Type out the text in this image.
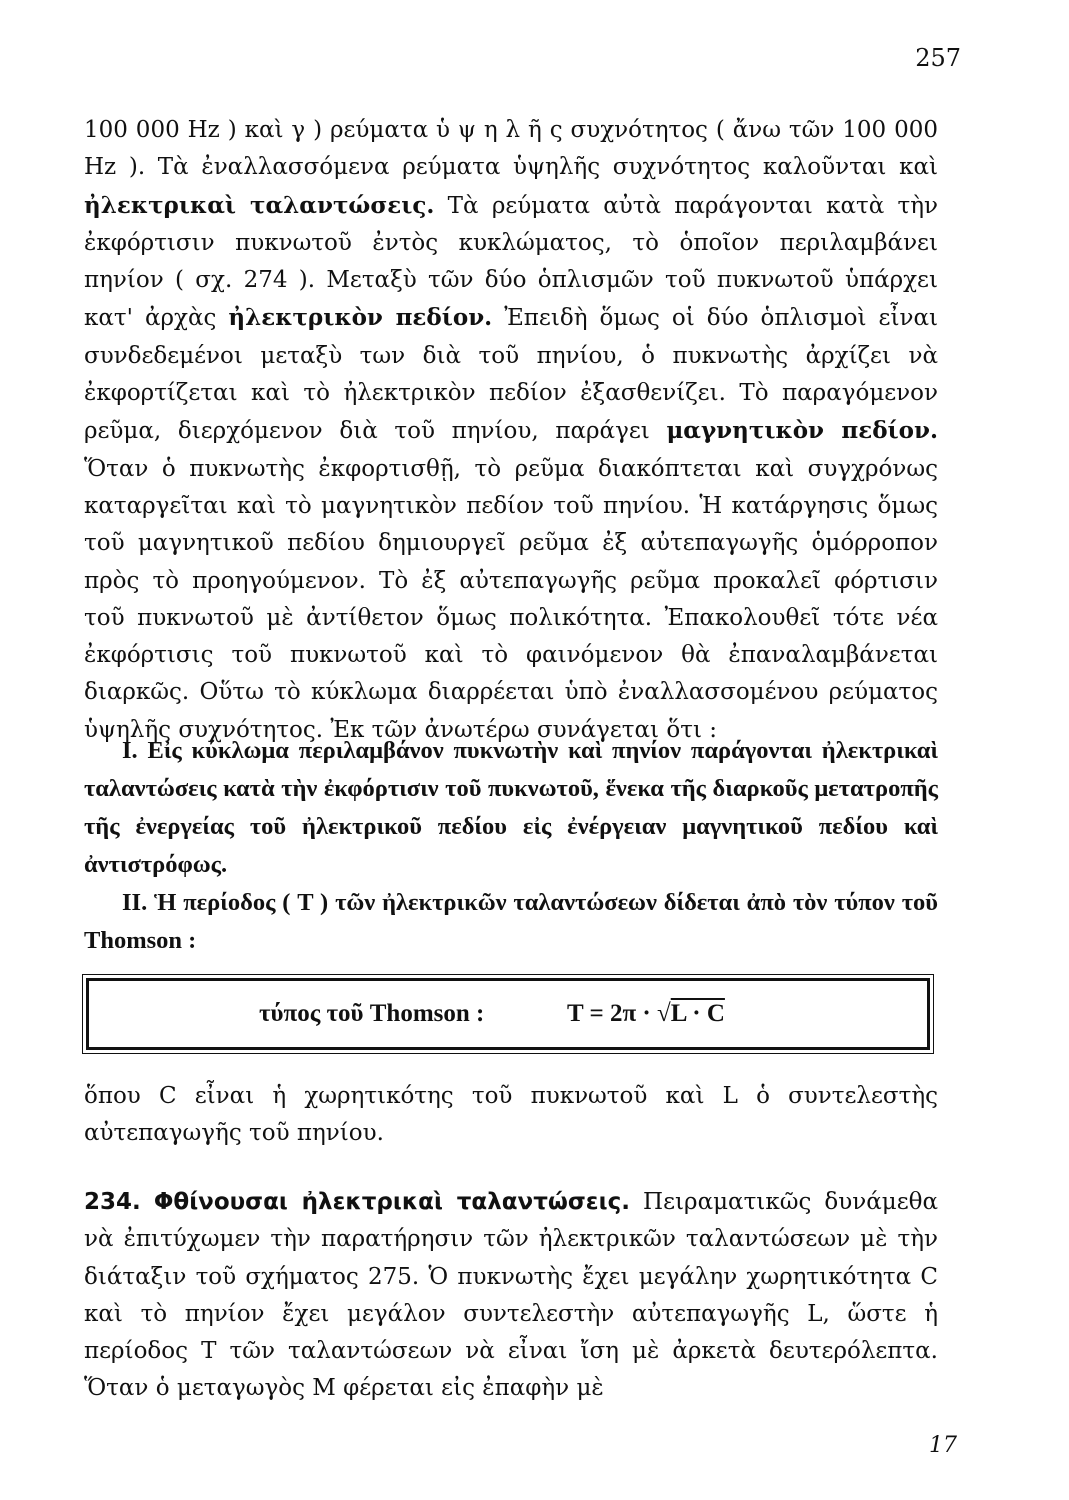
257

100 000 Hz ) καὶ γ ) ρεύματα ὑ ψ η λ ῆ ς συχνότητος ( ἄνω τῶν 100 000 Hz ). Τὰ ἐναλλασσόμενα ρεύματα ὑψηλῆς συχνότητος καλοῦνται καὶ ἠλεκτρικαὶ ταλαντώσεις. Τὰ ρεύματα αὐτὰ παράγονται κατὰ τὴν ἐκφόρτισιν πυκνωτοῦ ἐντὸς κυκλώματος, τὸ ὁποῖον περιλαμβάνει πηνίον ( σχ. 274 ). Μεταξὺ τῶν δύο ὁπλισμῶν τοῦ πυκνωτοῦ ὑπάρχει κατ' ἀρχὰς ἠλεκτρικὸν πεδίον. Ἐπειδὴ ὅμως οἱ δύο ὁπλισμοὶ εἶναι συνδεδεμένοι μεταξὺ των διὰ τοῦ πηνίου, ὁ πυκνωτὴς ἀρχίζει νὰ ἐκφορτίζεται καὶ τὸ ἠλεκτρικὸν πεδίον ἐξασθενίζει. Τὸ παραγόμενον ρεῦμα, διερχόμενον διὰ τοῦ πηνίου, παράγει μαγνητικὸν πεδίον. Ὅταν ὁ πυκνωτὴς ἐκφορτισθῇ, τὸ ρεῦμα διακόπτεται καὶ συγχρόνως καταργεῖται καὶ τὸ μαγνητικὸν πεδίον τοῦ πηνίου. Ἡ κατάργησις ὅμως τοῦ μαγνητικοῦ πεδίου δημιουργεῖ ρεῦμα ἐξ αὐτεπαγωγῆς ὁμόρροπον πρὸς τὸ προηγούμενον. Τὸ ἐξ αὐτεπαγωγῆς ρεῦμα προκαλεῖ φόρτισιν τοῦ πυκνωτοῦ μὲ ἀντίθετον ὅμως πολικότητα. Ἐπακολουθεῖ τότε νέα ἐκφόρτισις τοῦ πυκνωτοῦ καὶ τὸ φαινόμενον θὰ ἐπαναλαμβάνεται διαρκῶς. Οὕτω τὸ κύκλωμα διαρρέεται ὑπὸ ἐναλλασσομένου ρεύματος ὑψηλῆς συχνότητος. Ἐκ τῶν ἀνωτέρω συνάγεται ὅτι :

I. Εἰς κύκλωμα περιλαμβάνον πυκνωτὴν καὶ πηνίον παράγονται ἠλεκτρικαὶ ταλαντώσεις κατὰ τὴν ἐκφόρτισιν τοῦ πυκνωτοῦ, ἕνεκα τῆς διαρκοῦς μετατροπῆς τῆς ἐνεργείας τοῦ ἠλεκτρικοῦ πεδίου εἰς ἐνέργειαν μαγνητικοῦ πεδίου καὶ ἀντιστρόφως.

II. Ἡ περίοδος ( T ) τῶν ἠλεκτρικῶν ταλαντώσεων δίδεται ἀπὸ τὸν τύπον τοῦ Thomson :

τύπος τοῦ Thomson :	T = 2π · √L · C

ὅπου C εἶναι ἡ χωρητικότης τοῦ πυκνωτοῦ καὶ L ὁ συντελεστὴς αὐτεπαγωγῆς τοῦ πηνίου.

234. Φθίνουσαι ἠλεκτρικαὶ ταλαντώσεις. Πειραματικῶς δυνάμεθα νὰ ἐπιτύχωμεν τὴν παρατήρησιν τῶν ἠλεκτρικῶν ταλαντώσεων μὲ τὴν διάταξιν τοῦ σχήματος 275. Ὁ πυκνωτὴς ἔχει μεγάλην χωρητικότητα C καὶ τὸ πηνίον ἔχει μεγάλον συντελεστὴν αὐτεπαγωγῆς L, ὥστε ἡ περίοδος T τῶν ταλαντώσεων νὰ εἶναι ἴση μὲ ἀρκετὰ δευτερόλεπτα. Ὅταν ὁ μεταγωγὸς M φέρεται εἰς ἐπαφὴν μὲ

17
